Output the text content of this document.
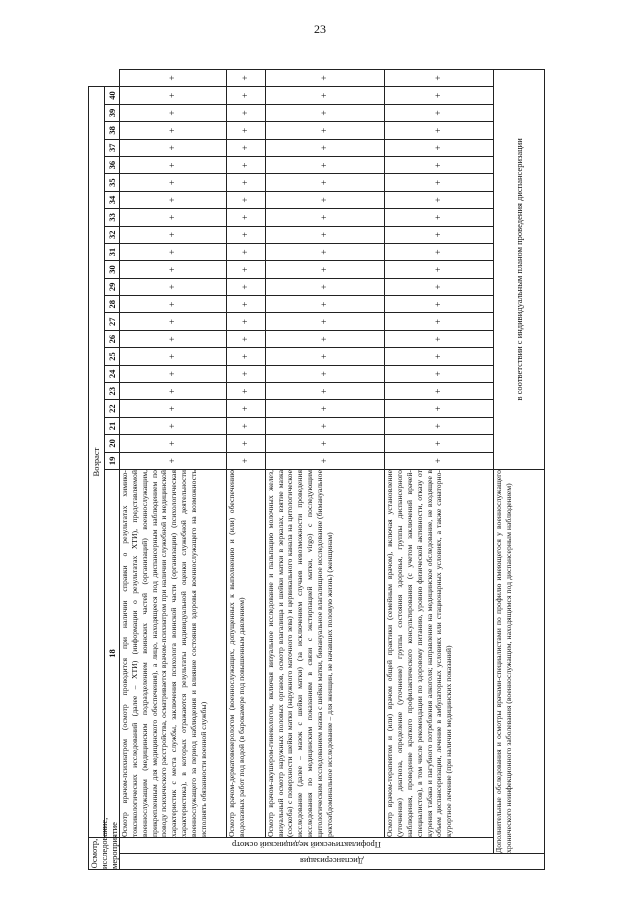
23
Осмотр, исследование, мероприятие		Возраст																							
		18	19	20	21	22	23	24	25	26	27	28	29	30	31	32	33	34	35	36	37	38	39	40	

Диспансеризация	Профилактический медицинский осмотр	Осмотр врачом-психиатром (осмотр проводится при наличии справки о результатах химико-токсикологических исследований (далее – ХТИ) (информации о результатах ХТИ), представляемой военнослужащим (медицинским подразделением воинских частей (организаций) военнослужащим, прикрепленным для медицинского обеспечения), а лицо, находящееся под диспансерным наблюдением по поводу психического расстройства, осматривается врачом-психиатром при наличии служебной и медицинской характеристик с места службы, заключения психолога воинской части (организации) (психологическая характеристика), в которых отражаются результаты индивидуальной оценки служебной деятельности военнослужащего за период наблюдения и влияние состояния здоровья военнослужащего на возможность исполнять обязанности военной службы)	+	+	+	+	+	+	+	+	+	+	+	+	+	+	+	+	+	+	+	+	+	+	+
		Осмотр врачом-дерматовенерологом (военнослужащих, допущенных к выполнению и (или) обеспечению водолазных работ под водой (в барокамере под повышенным давлением)	+	+	+	+	+	+	+	+	+	+	+	+	+	+	+	+	+	+	+	+	+	+	+
		Осмотр врачом-акушером-гинекологом, включая визуальное исследование и пальпацию молочных желез, визуальный осмотр наружных половых органов, осмотр влагалища и шейки матки в зеркалах, взятие мазка (соскоба) с поверхности шейки матки (наружного маточного зева) и цервикального канала на цитологическое исследование (далее – мазок с шейки матки) (за исключением случаев невозможности проведения исследования по медицинским показаниям в связи с экстирпацией матки, virgo) с последующим цитологическим исследованием мазка с шейки матки, бимануальное влагалищное исследование (бимануальное ректоабдоминальное исследование – для женщин, не начавших половую жизнь) (женщинам)	+	+	+	+	+	+	+	+	+	+	+	+	+	+	+	+	+	+	+	+	+	+	+
		Осмотр врачом-терапевтом и (или) врачом общей практики (семейным врачом), включая установление (уточнение) диагноза, определение (уточнение) группы состояния здоровья, группы диспансерного наблюдения, проведение краткого профилактического консультирования (с учетом заключений врачей-специалистов), в том числе рекомендации по здоровому питанию, уровню физической активности, отказу от курения табака и пагубного потребления алкоголя; направление на медицинское обследование, не входящее в объем диспансеризации, лечение в амбулаторных условиях или стационарных условиях, а также санаторно-курортное лечение (при наличии медицинских показаний)	+	+	+	+	+	+	+	+	+	+	+	+	+	+	+	+	+	+	+	+	+	+	+
	Дополнительные обследования и осмотры врачами-специалистами по профилю имеющегося у военнослужащего хронического неинфекционного заболевания (военнослужащим, находящимся под диспансерным наблюдением)		в соответствии с индивидуальным планом проведения диспансеризации																						
